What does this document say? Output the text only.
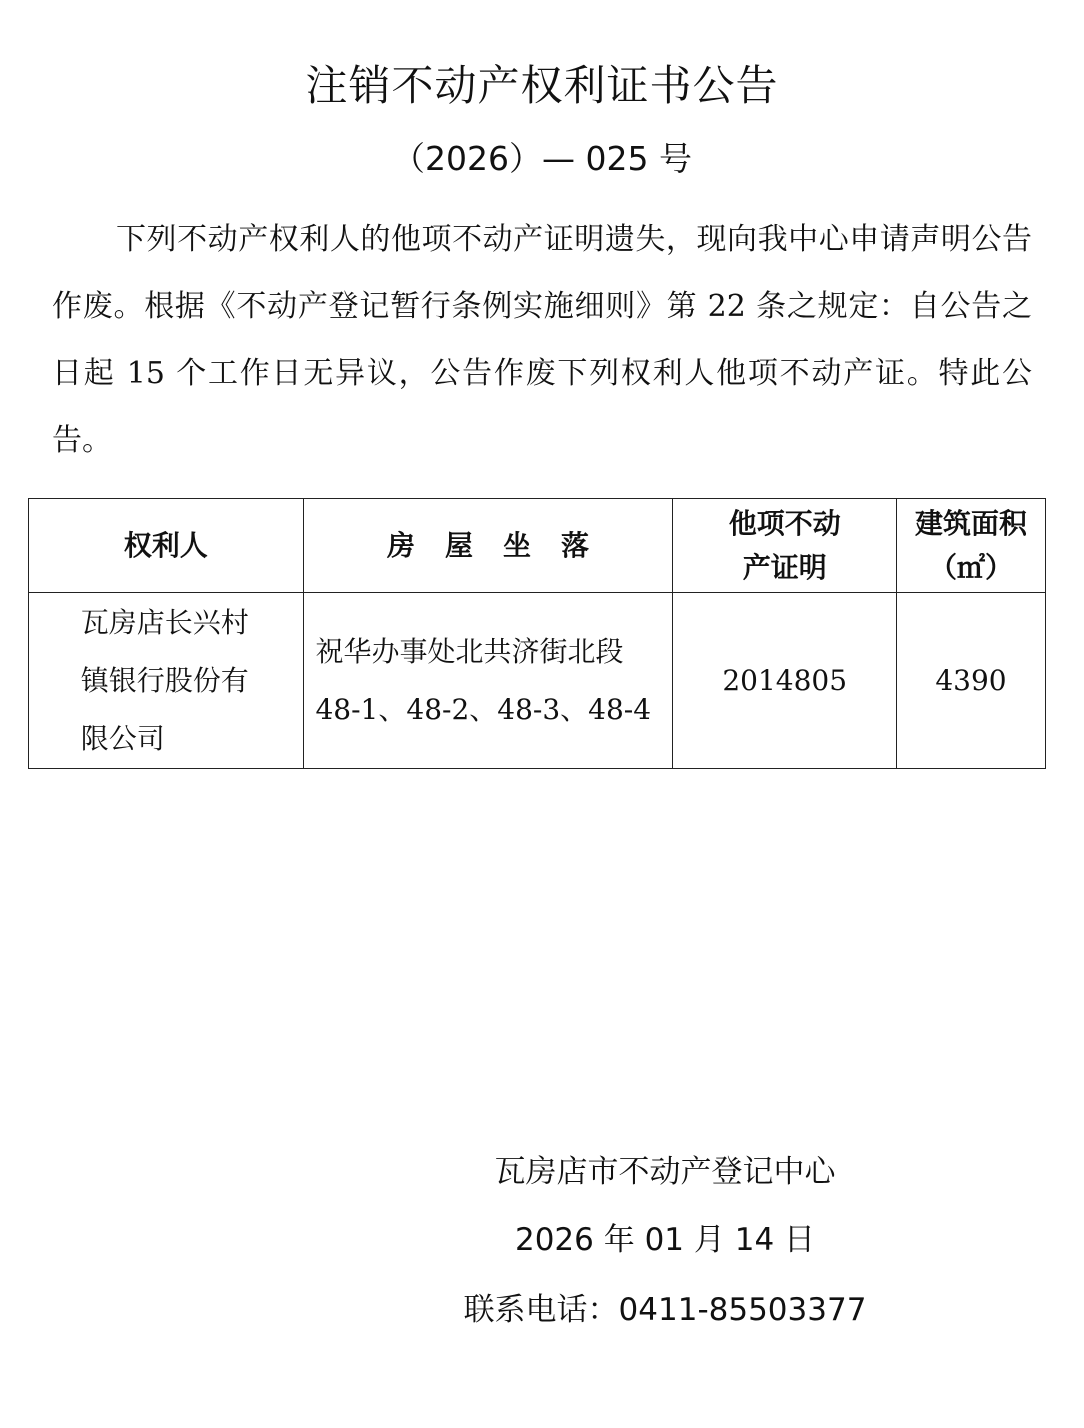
注销不动产权利证书公告
（2026）— 025 号

下列不动产权利人的他项不动产证明遗失，现向我中心申请声明公告作废。根据《不动产登记暂行条例实施细则》第 22 条之规定：自公告之日起 15 个工作日无异议，公告作废下列权利人他项不动产证。特此公告。

权利人	房屋坐落	他项不动产证明	建筑面积（㎡）
瓦房店长兴村镇银行股份有限公司	祝华办事处北共济街北段 48-1、48-2、48-3、48-4	2014805	4390
瓦房店市不动产登记中心
2026 年 01 月 14 日
联系电话：0411-85503377
